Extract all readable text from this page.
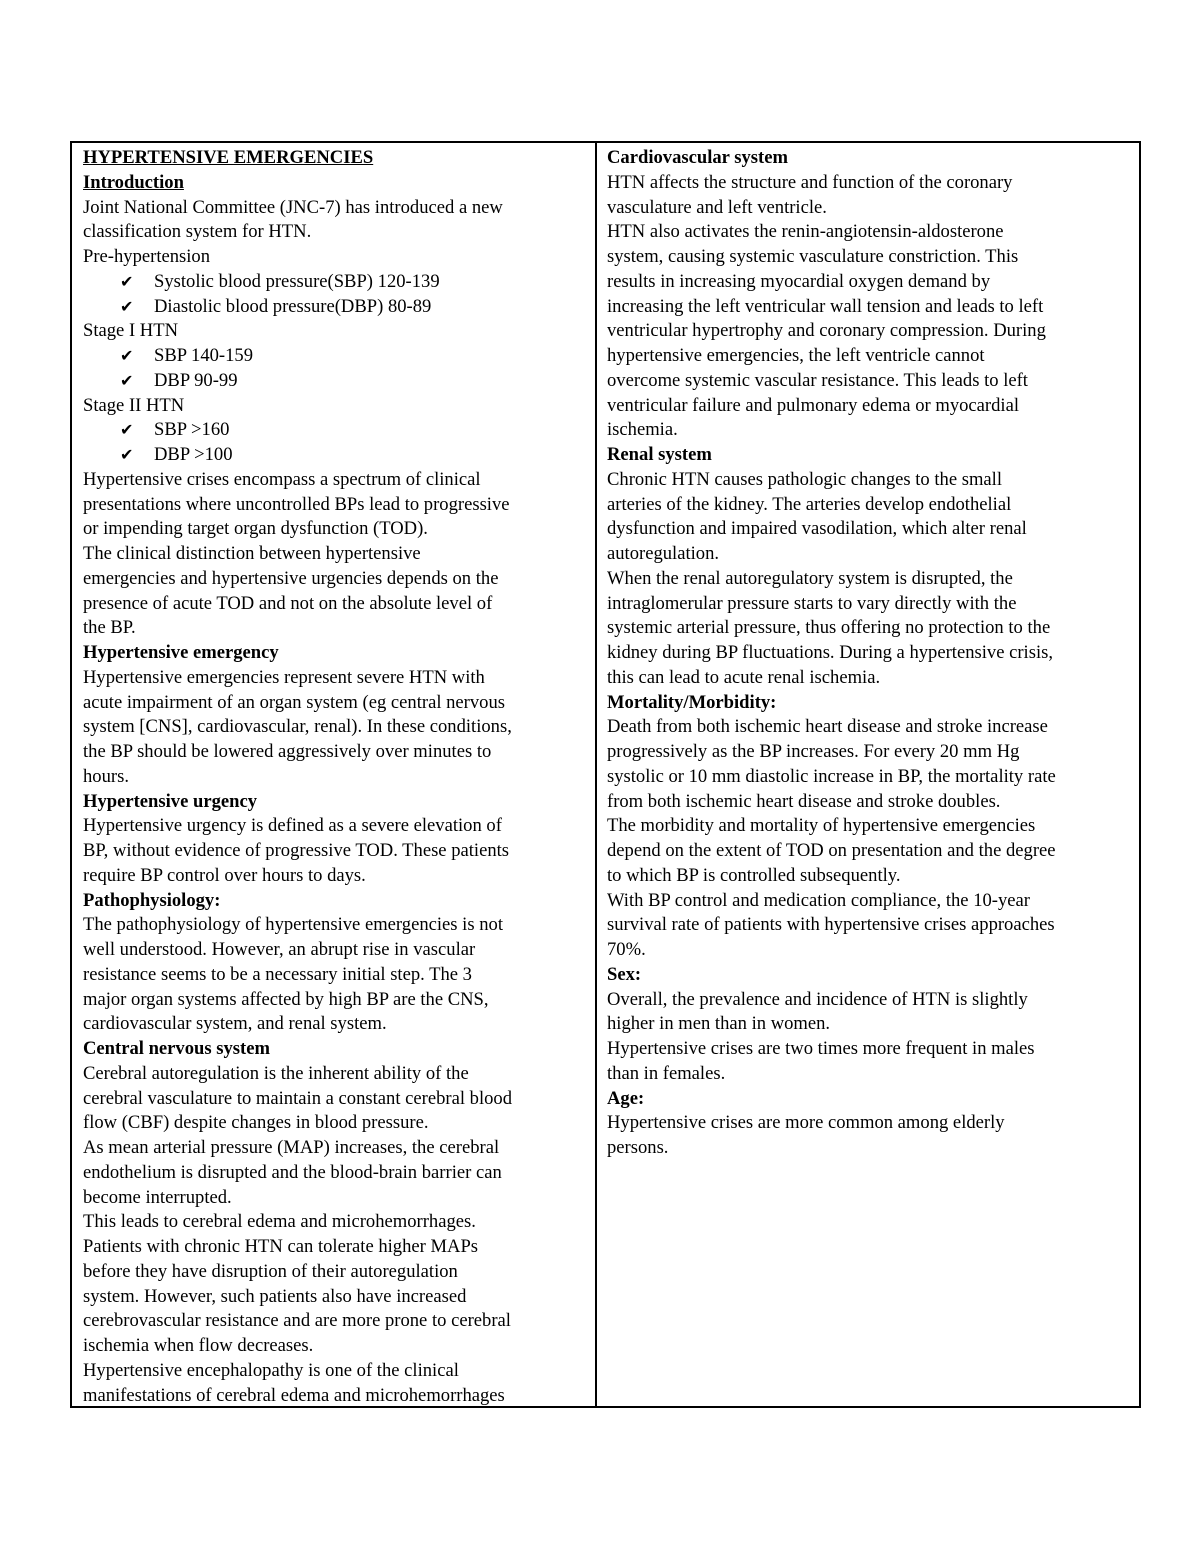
HYPERTENSIVE EMERGENCIES
Introduction
Joint National Committee (JNC-7) has introduced a new
classification system for HTN.
Pre-hypertension
✔	Systolic blood pressure(SBP) 120-139
✔	Diastolic blood pressure(DBP) 80-89
Stage I HTN
✔	SBP 140-159
✔	DBP 90-99
Stage II HTN
✔	SBP >160
✔	DBP >100
Hypertensive crises encompass a spectrum of clinical
presentations where uncontrolled BPs lead to progressive
or impending target organ dysfunction (TOD).
The clinical distinction between hypertensive
emergencies and hypertensive urgencies depends on the
presence of acute TOD and not on the absolute level of
the BP.
Hypertensive emergency
Hypertensive emergencies represent severe HTN with
acute impairment of an organ system (eg central nervous
system [CNS], cardiovascular, renal). In these conditions,
the BP should be lowered aggressively over minutes to
hours.
Hypertensive urgency
Hypertensive urgency is defined as a severe elevation of
BP, without evidence of progressive TOD. These patients
require BP control over hours to days.
Pathophysiology:
The pathophysiology of hypertensive emergencies is not
well understood. However, an abrupt rise in vascular
resistance seems to be a necessary initial step. The 3
major organ systems affected by high BP are the CNS,
cardiovascular system, and renal system.
Central nervous system
Cerebral autoregulation is the inherent ability of the
cerebral vasculature to maintain a constant cerebral blood
flow (CBF) despite changes in blood pressure.
As mean arterial pressure (MAP) increases, the cerebral
endothelium is disrupted and the blood-brain barrier can
become interrupted.
This leads to cerebral edema and microhemorrhages.
Patients with chronic HTN can tolerate higher MAPs
before they have disruption of their autoregulation
system. However, such patients also have increased
cerebrovascular resistance and are more prone to cerebral
ischemia when flow decreases.
Hypertensive encephalopathy is one of the clinical
manifestations of cerebral edema and microhemorrhages
Cardiovascular system
HTN affects the structure and function of the coronary
vasculature and left ventricle.
HTN also activates the renin-angiotensin-aldosterone
system, causing systemic vasculature constriction. This
results in increasing myocardial oxygen demand by
increasing the left ventricular wall tension and leads to left
ventricular hypertrophy and coronary compression. During
hypertensive emergencies, the left ventricle cannot
overcome systemic vascular resistance. This leads to left
ventricular failure and pulmonary edema or myocardial
ischemia.
Renal system
Chronic HTN causes pathologic changes to the small
arteries of the kidney. The arteries develop endothelial
dysfunction and impaired vasodilation, which alter renal
autoregulation.
When the renal autoregulatory system is disrupted, the
intraglomerular pressure starts to vary directly with the
systemic arterial pressure, thus offering no protection to the
kidney during BP fluctuations. During a hypertensive crisis,
this can lead to acute renal ischemia.
Mortality/Morbidity:
Death from both ischemic heart disease and stroke increase
progressively as the BP increases. For every 20 mm Hg
systolic or 10 mm diastolic increase in BP, the mortality rate
from both ischemic heart disease and stroke doubles.
The morbidity and mortality of hypertensive emergencies
depend on the extent of TOD on presentation and the degree
to which BP is controlled subsequently.
With BP control and medication compliance, the 10-year
survival rate of patients with hypertensive crises approaches
70%.
Sex:
Overall, the prevalence and incidence of HTN is slightly
higher in men than in women.
Hypertensive crises are two times more frequent in males
than in females.
Age:
Hypertensive crises are more common among elderly
persons.
